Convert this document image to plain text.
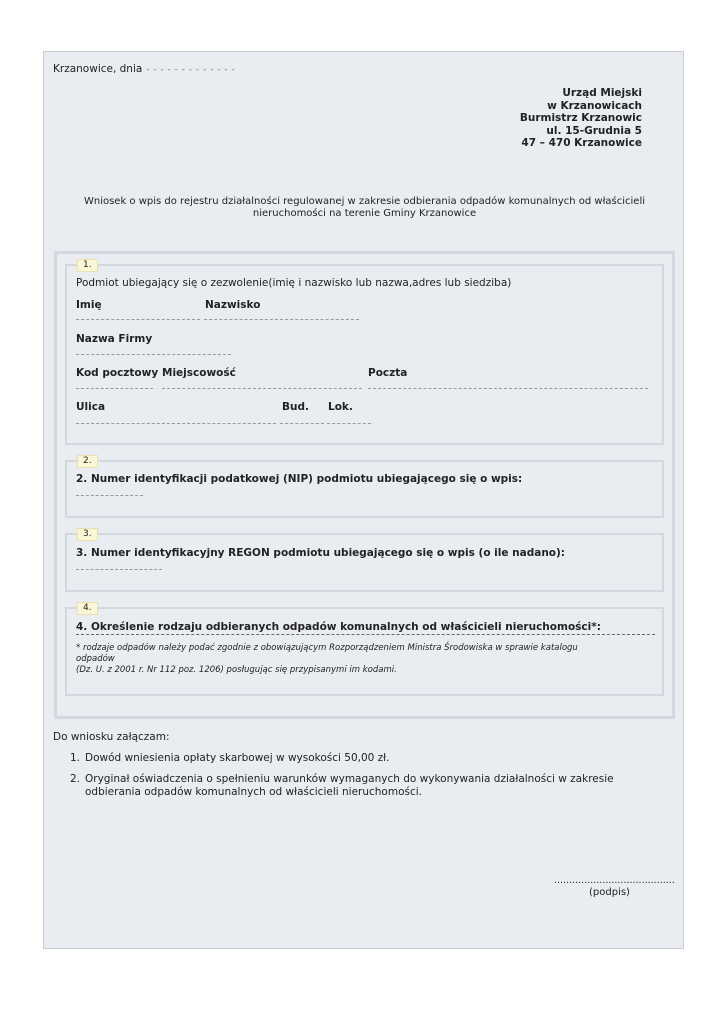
Krzanowice, dnia
- - - - - - - - - - - - - -
Urząd Miejski
w Krzanowicach
Burmistrz Krzanowic
ul. 15-Grudnia 5
47 – 470 Krzanowice
Wniosek o wpis do rejestru działalności regulowanej w zakresie odbierania odpadów komunalnych od właścicieli
nieruchomości na terenie Gminy Krzanowice
1.
Podmiot ubiegający się o zezwolenie(imię i nazwisko lub nazwa,adres lub siedziba)
Imię	Nazwisko
Nazwa Firmy
Kod pocztowy Miejscowość	Poczta
Ulica	Bud. Lok.
2.
2. Numer identyfikacji podatkowej (NIP) podmiotu ubiegającego się o wpis:
3.
3. Numer identyfikacyjny REGON podmiotu ubiegającego się o wpis (o ile nadano):
4.
4. Określenie rodzaju odbieranych odpadów komunalnych od właścicieli nieruchomości*:
* rodzaje odpadów należy podać zgodnie z obowiązującym Rozporządzeniem Ministra Środowiska w sprawie katalogu
odpadów
(Dz. U. z 2001 r. Nr 112 poz. 1206) posługując się przypisanymi im kodami.
Do wniosku załączam:
1. Dowód wniesienia opłaty skarbowej w wysokości 50,00 zł.
2. Oryginał oświadczenia o spełnieniu warunków wymaganych do wykonywania działalności w zakresie odbierania odpadów komunalnych od właścicieli nieruchomości.
........................................
(podpis)
